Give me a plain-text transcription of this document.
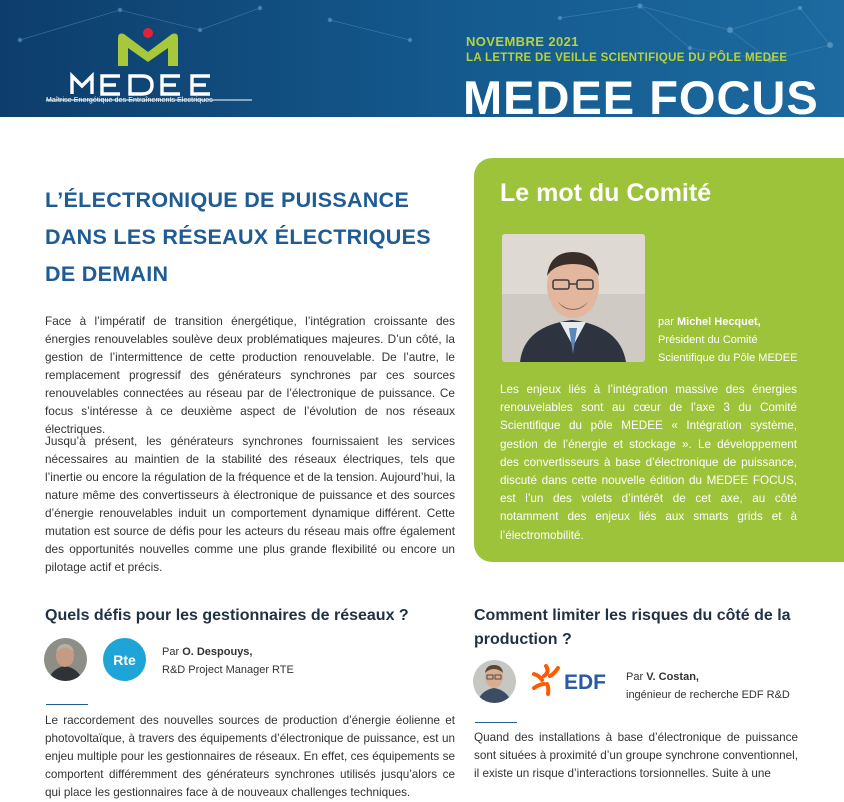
Maîtrise Energétique des Entraînements Electriques
NOVEMBRE 2021
LA LETTRE DE VEILLE SCIENTIFIQUE DU PÔLE MEDEE
MEDEE FOCUS
L’ÉLECTRONIQUE DE PUISSANCE DANS LES RÉSEAUX ÉLECTRIQUES DE DEMAIN

Face à l’impératif de transition énergétique, l’intégration croissante des énergies renouvelables soulève deux problématiques majeures. D’un côté, la gestion de l’intermittence de cette production renouvelable. De l’autre, le remplacement progressif des générateurs synchrones par ces sources renouvelables connectées au réseau par de l’électronique de puissance. Ce focus s’intéresse à ce deuxième aspect de l’évolution de nos réseaux électriques.

Jusqu’à présent, les générateurs synchrones fournissaient les services nécessaires au maintien de la stabilité des réseaux électriques, tels que l’inertie ou encore la régulation de la fréquence et de la tension. Aujourd’hui, la nature même des convertisseurs à électronique de puissance et des sources d’énergie renouvelables induit un comportement dynamique différent. Cette mutation est source de défis pour les acteurs du réseau mais offre également des opportunités nouvelles comme une plus grande flexibilité ou encore un pilotage actif et précis.

Le mot du Comité
par Michel Hecquet,
Président du Comité
Scientifique du Pôle MEDEE

Les enjeux liés à l’intégration massive des énergies renouvelables sont au cœur de l’axe 3 du Comité Scientifique du pôle MEDEE « Intégration système, gestion de l’énergie et stockage ». Le développement des convertisseurs à base d’électronique de puissance, discuté dans cette nouvelle édition du MEDEE FOCUS, est l’un des volets d’intérêt de cet axe, au côté notamment des enjeux liés aux smarts grids et à l’électromobilité.

Quels défis pour les gestionnaires de réseaux ?
Rte	Par O. Despouys,
R&D Project Manager RTE

Le raccordement des nouvelles sources de production d’énergie éolienne et photovoltaïque, à travers des équipements d’électronique de puissance, est un enjeu multiple pour les gestionnaires de réseaux. En effet, ces équipements se comportent différemment des générateurs synchrones utilisés jusqu’alors ce qui place les gestionnaires face à de nouveaux challenges techniques.

Comment limiter les risques du côté de la production ?
EDF Par V. Costan,
ingénieur de recherche EDF R&D

Quand des installations à base d’électronique de puissance sont situées à proximité d’un groupe synchrone conventionnel, il existe un risque d’interactions torsionnelles. Suite à une
